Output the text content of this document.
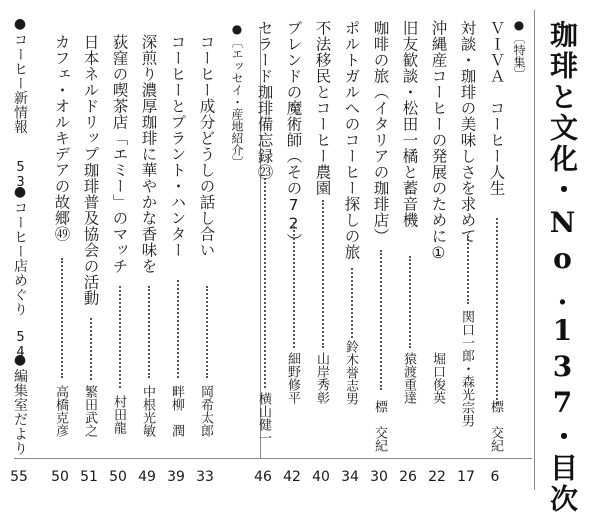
珈琲と文化・No.137・目次
●〔特集〕
●〔エッセイ・産地紹介〕	ＶＩＶＡ　コーヒー人生
標　交紀
6
対談・珈琲の美味しさを求めて
関口一郎・森光宗男
17
沖縄産コーヒーの発展のために①
堀口俊英
22
旧友歓談・松田一橘と蓄音機
猿渡重達
26
咖啡の旅（イタリアの珈琲店）
標　交紀
30
ポルトガルへのコーヒー探しの旅
鈴木誉志男
34
不法移民とコーヒー農園
山岸秀彰
40
ブレンドの魔術師（その72）
細野修平
42
セラード珈琲備忘録㉓
横山健一
46
コーヒー成分どうしの話し合い
岡希太郎
33
コーヒーとプラント・ハンター
畔柳　潤
39
深煎り濃厚珈琲に華やかな香味を
中根光敏
49
荻窪の喫茶店「エミー」のマッチ
村田龍
50
日本ネルドリップ珈琲普及協会の活動
繁田武之
51
カフェ・オルキデアの故郷㊾
高橋克彦
50
●コーヒー新情報
53
●コーヒー店めぐり
54
●編集室だより
55
